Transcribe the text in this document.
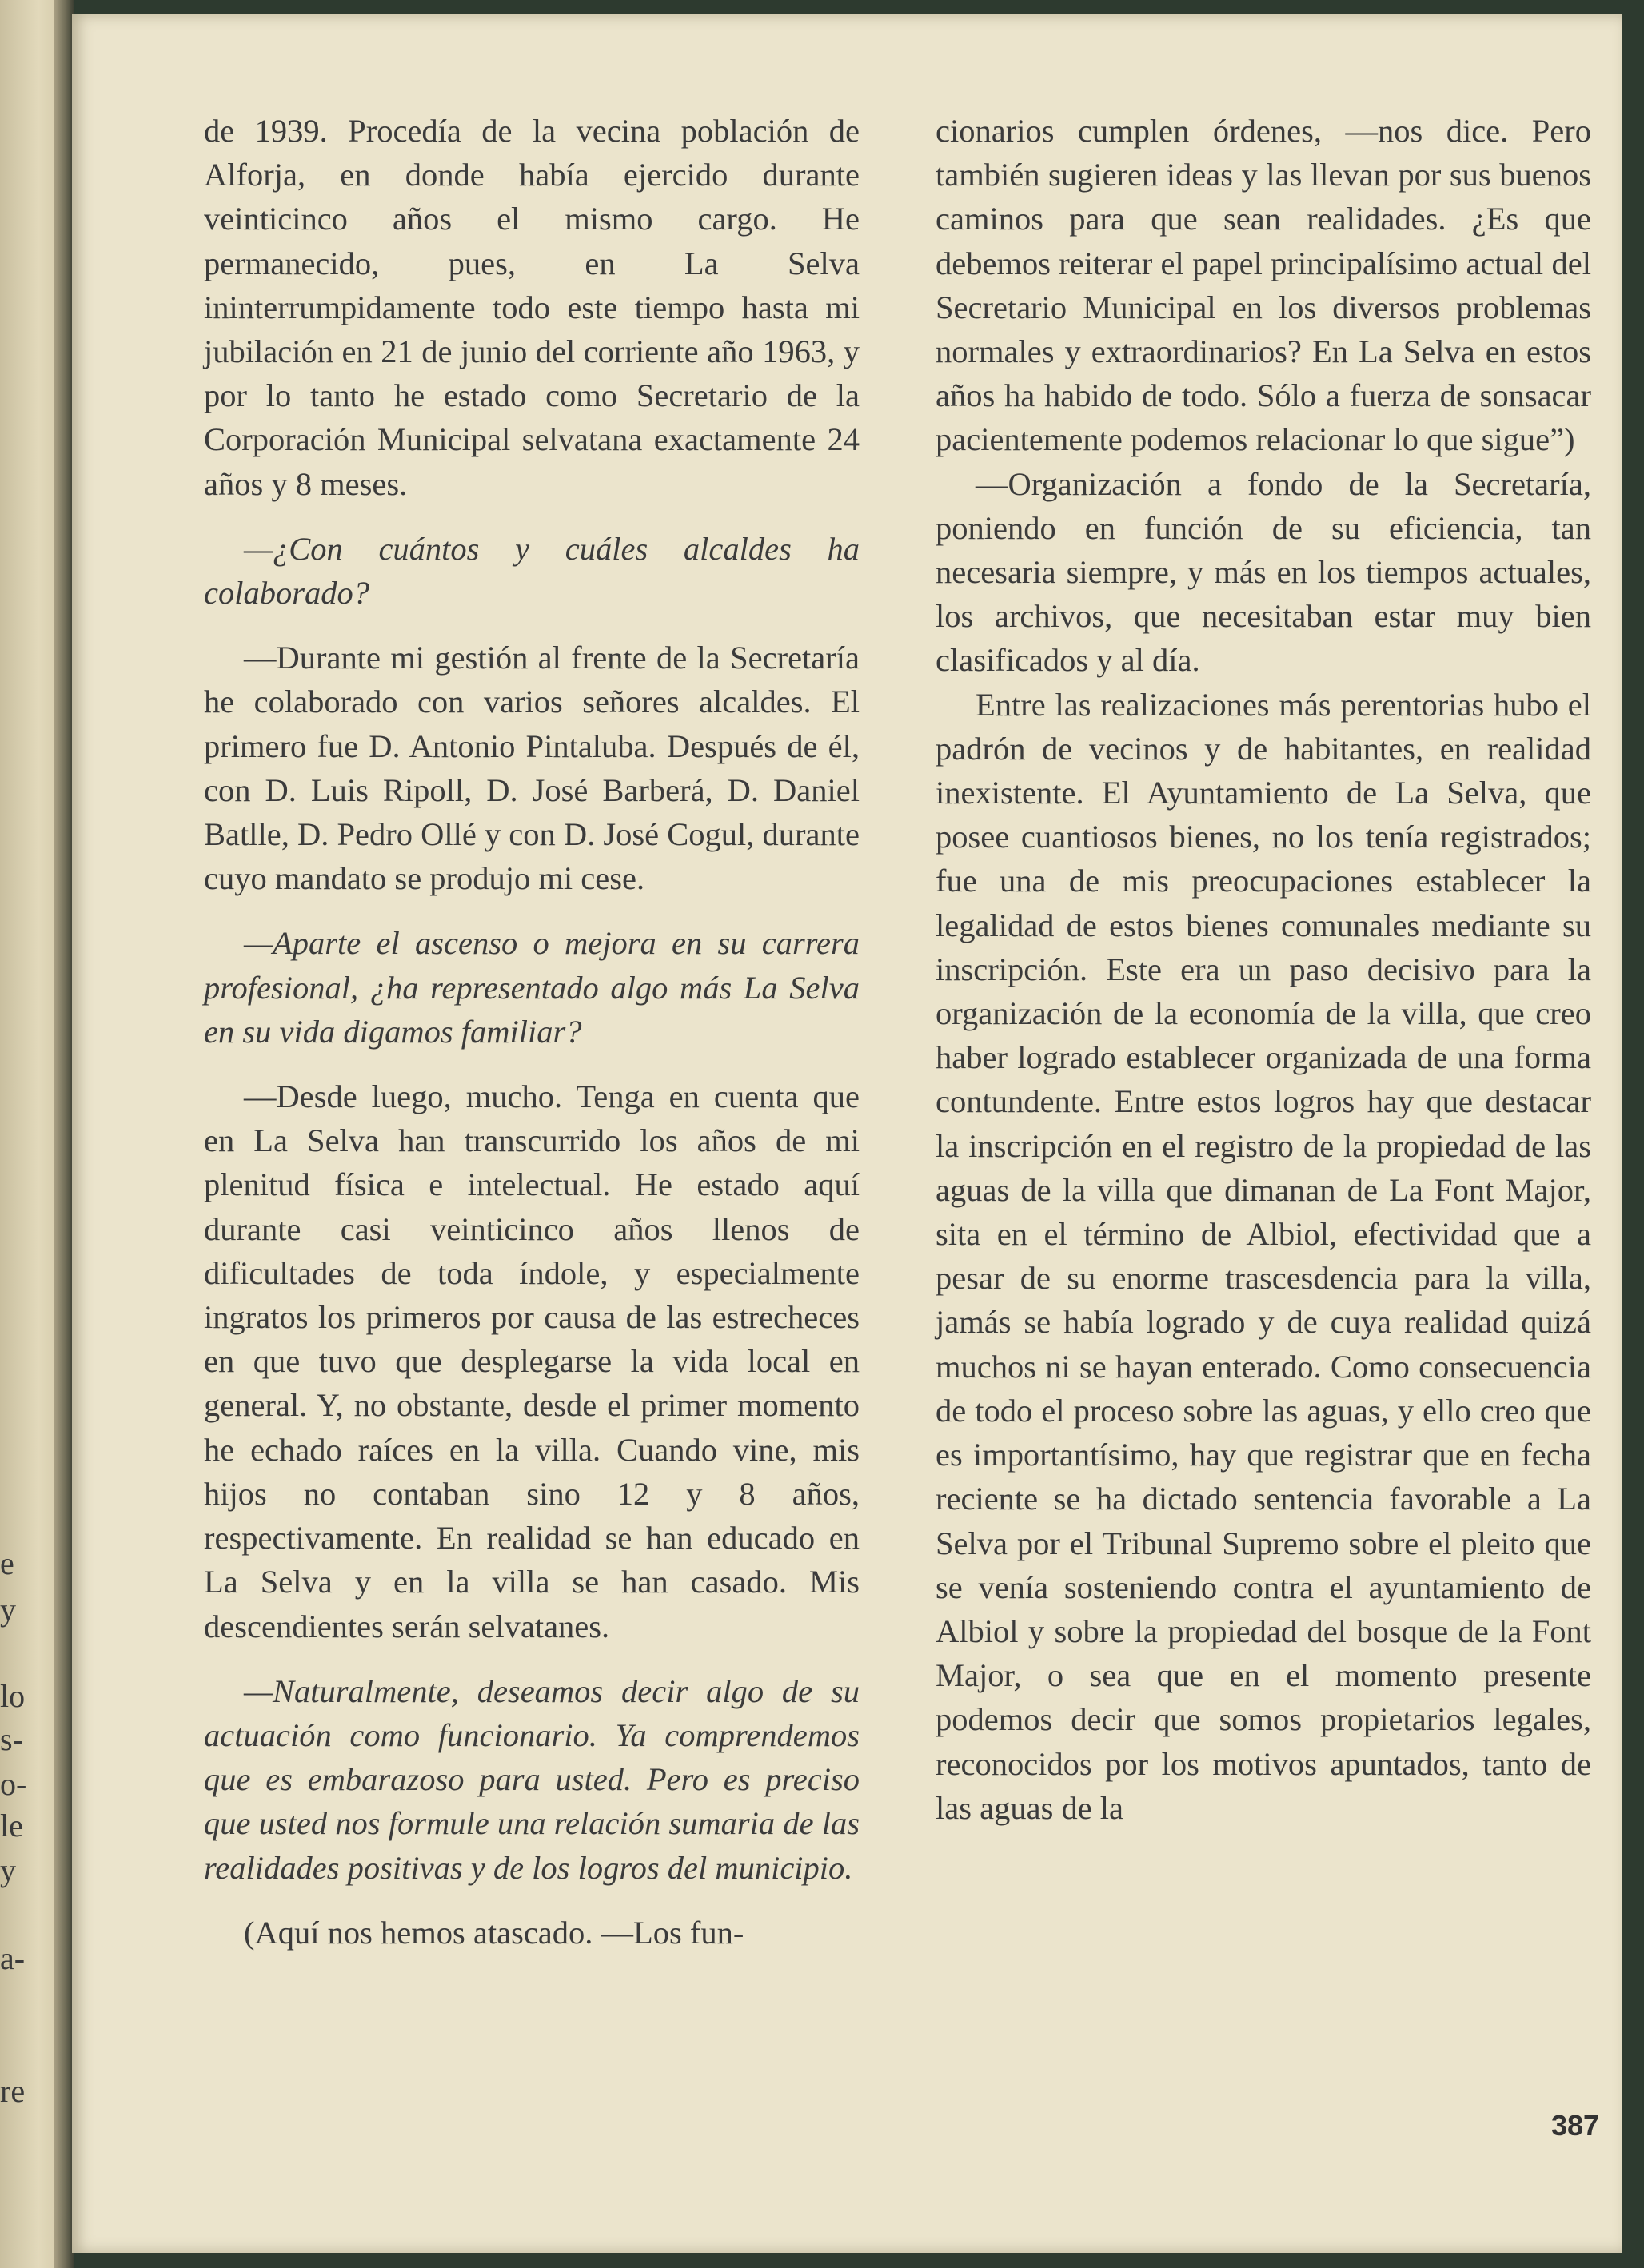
e
y
lo
s-
o-
le
y
a-
re

de 1939. Procedía de la vecina población de Alforja, en donde había ejercido durante veinticinco años el mismo cargo. He permanecido, pues, en La Selva ininterrumpidamente todo este tiempo hasta mi jubilación en 21 de junio del corriente año 1963, y por lo tanto he estado como Secretario de la Corporación Municipal selvatana exactamente 24 años y 8 meses.

—¿Con cuántos y cuáles alcaldes ha colaborado?

—Durante mi gestión al frente de la Secretaría he colaborado con varios señores alcaldes. El primero fue D. Antonio Pintaluba. Después de él, con D. Luis Ripoll, D. José Barberá, D. Daniel Batlle, D. Pedro Ollé y con D. José Cogul, durante cuyo mandato se produjo mi cese.

—Aparte el ascenso o mejora en su carrera profesional, ¿ha representado algo más La Selva en su vida digamos familiar?

—Desde luego, mucho. Tenga en cuenta que en La Selva han transcurrido los años de mi plenitud física e intelectual. He estado aquí durante casi veinticinco años llenos de dificultades de toda índole, y especialmente ingratos los primeros por causa de las estrecheces en que tuvo que desplegarse la vida local en general. Y, no obstante, desde el primer momento he echado raíces en la villa. Cuando vine, mis hijos no contaban sino 12 y 8 años, respectivamente. En realidad se han educado en La Selva y en la villa se han casado. Mis descendientes serán selvatanes.

—Naturalmente, deseamos decir algo de su actuación como funcionario. Ya comprendemos que es embarazoso para usted. Pero es preciso que usted nos formule una relación sumaria de las realidades positivas y de los logros del municipio.

(Aquí nos hemos atascado. —Los fun-

cionarios cumplen órdenes, —nos dice. Pero también sugieren ideas y las llevan por sus buenos caminos para que sean realidades. ¿Es que debemos reiterar el papel principalísimo actual del Secretario Municipal en los diversos problemas normales y extraordinarios? En La Selva en estos años ha habido de todo. Sólo a fuerza de sonsacar pacientemente podemos relacionar lo que sigue”)

—Organización a fondo de la Secretaría, poniendo en función de su eficiencia, tan necesaria siempre, y más en los tiempos actuales, los archivos, que necesitaban estar muy bien clasificados y al día.

Entre las realizaciones más perentorias hubo el padrón de vecinos y de habitantes, en realidad inexistente. El Ayuntamiento de La Selva, que posee cuantiosos bienes, no los tenía registrados; fue una de mis preocupaciones establecer la legalidad de estos bienes comunales mediante su inscripción. Este era un paso decisivo para la organización de la economía de la villa, que creo haber logrado establecer organizada de una forma contundente. Entre estos logros hay que destacar la inscripción en el registro de la propiedad de las aguas de la villa que dimanan de La Font Major, sita en el término de Albiol, efectividad que a pesar de su enorme trascesdencia para la villa, jamás se había logrado y de cuya realidad quizá muchos ni se hayan enterado. Como consecuencia de todo el proceso sobre las aguas, y ello creo que es importantísimo, hay que registrar que en fecha reciente se ha dictado sentencia favorable a La Selva por el Tribunal Supremo sobre el pleito que se venía sosteniendo contra el ayuntamiento de Albiol y sobre la propiedad del bosque de la Font Major, o sea que en el momento presente podemos decir que somos propietarios legales, reconocidos por los motivos apuntados, tanto de las aguas de la

387
